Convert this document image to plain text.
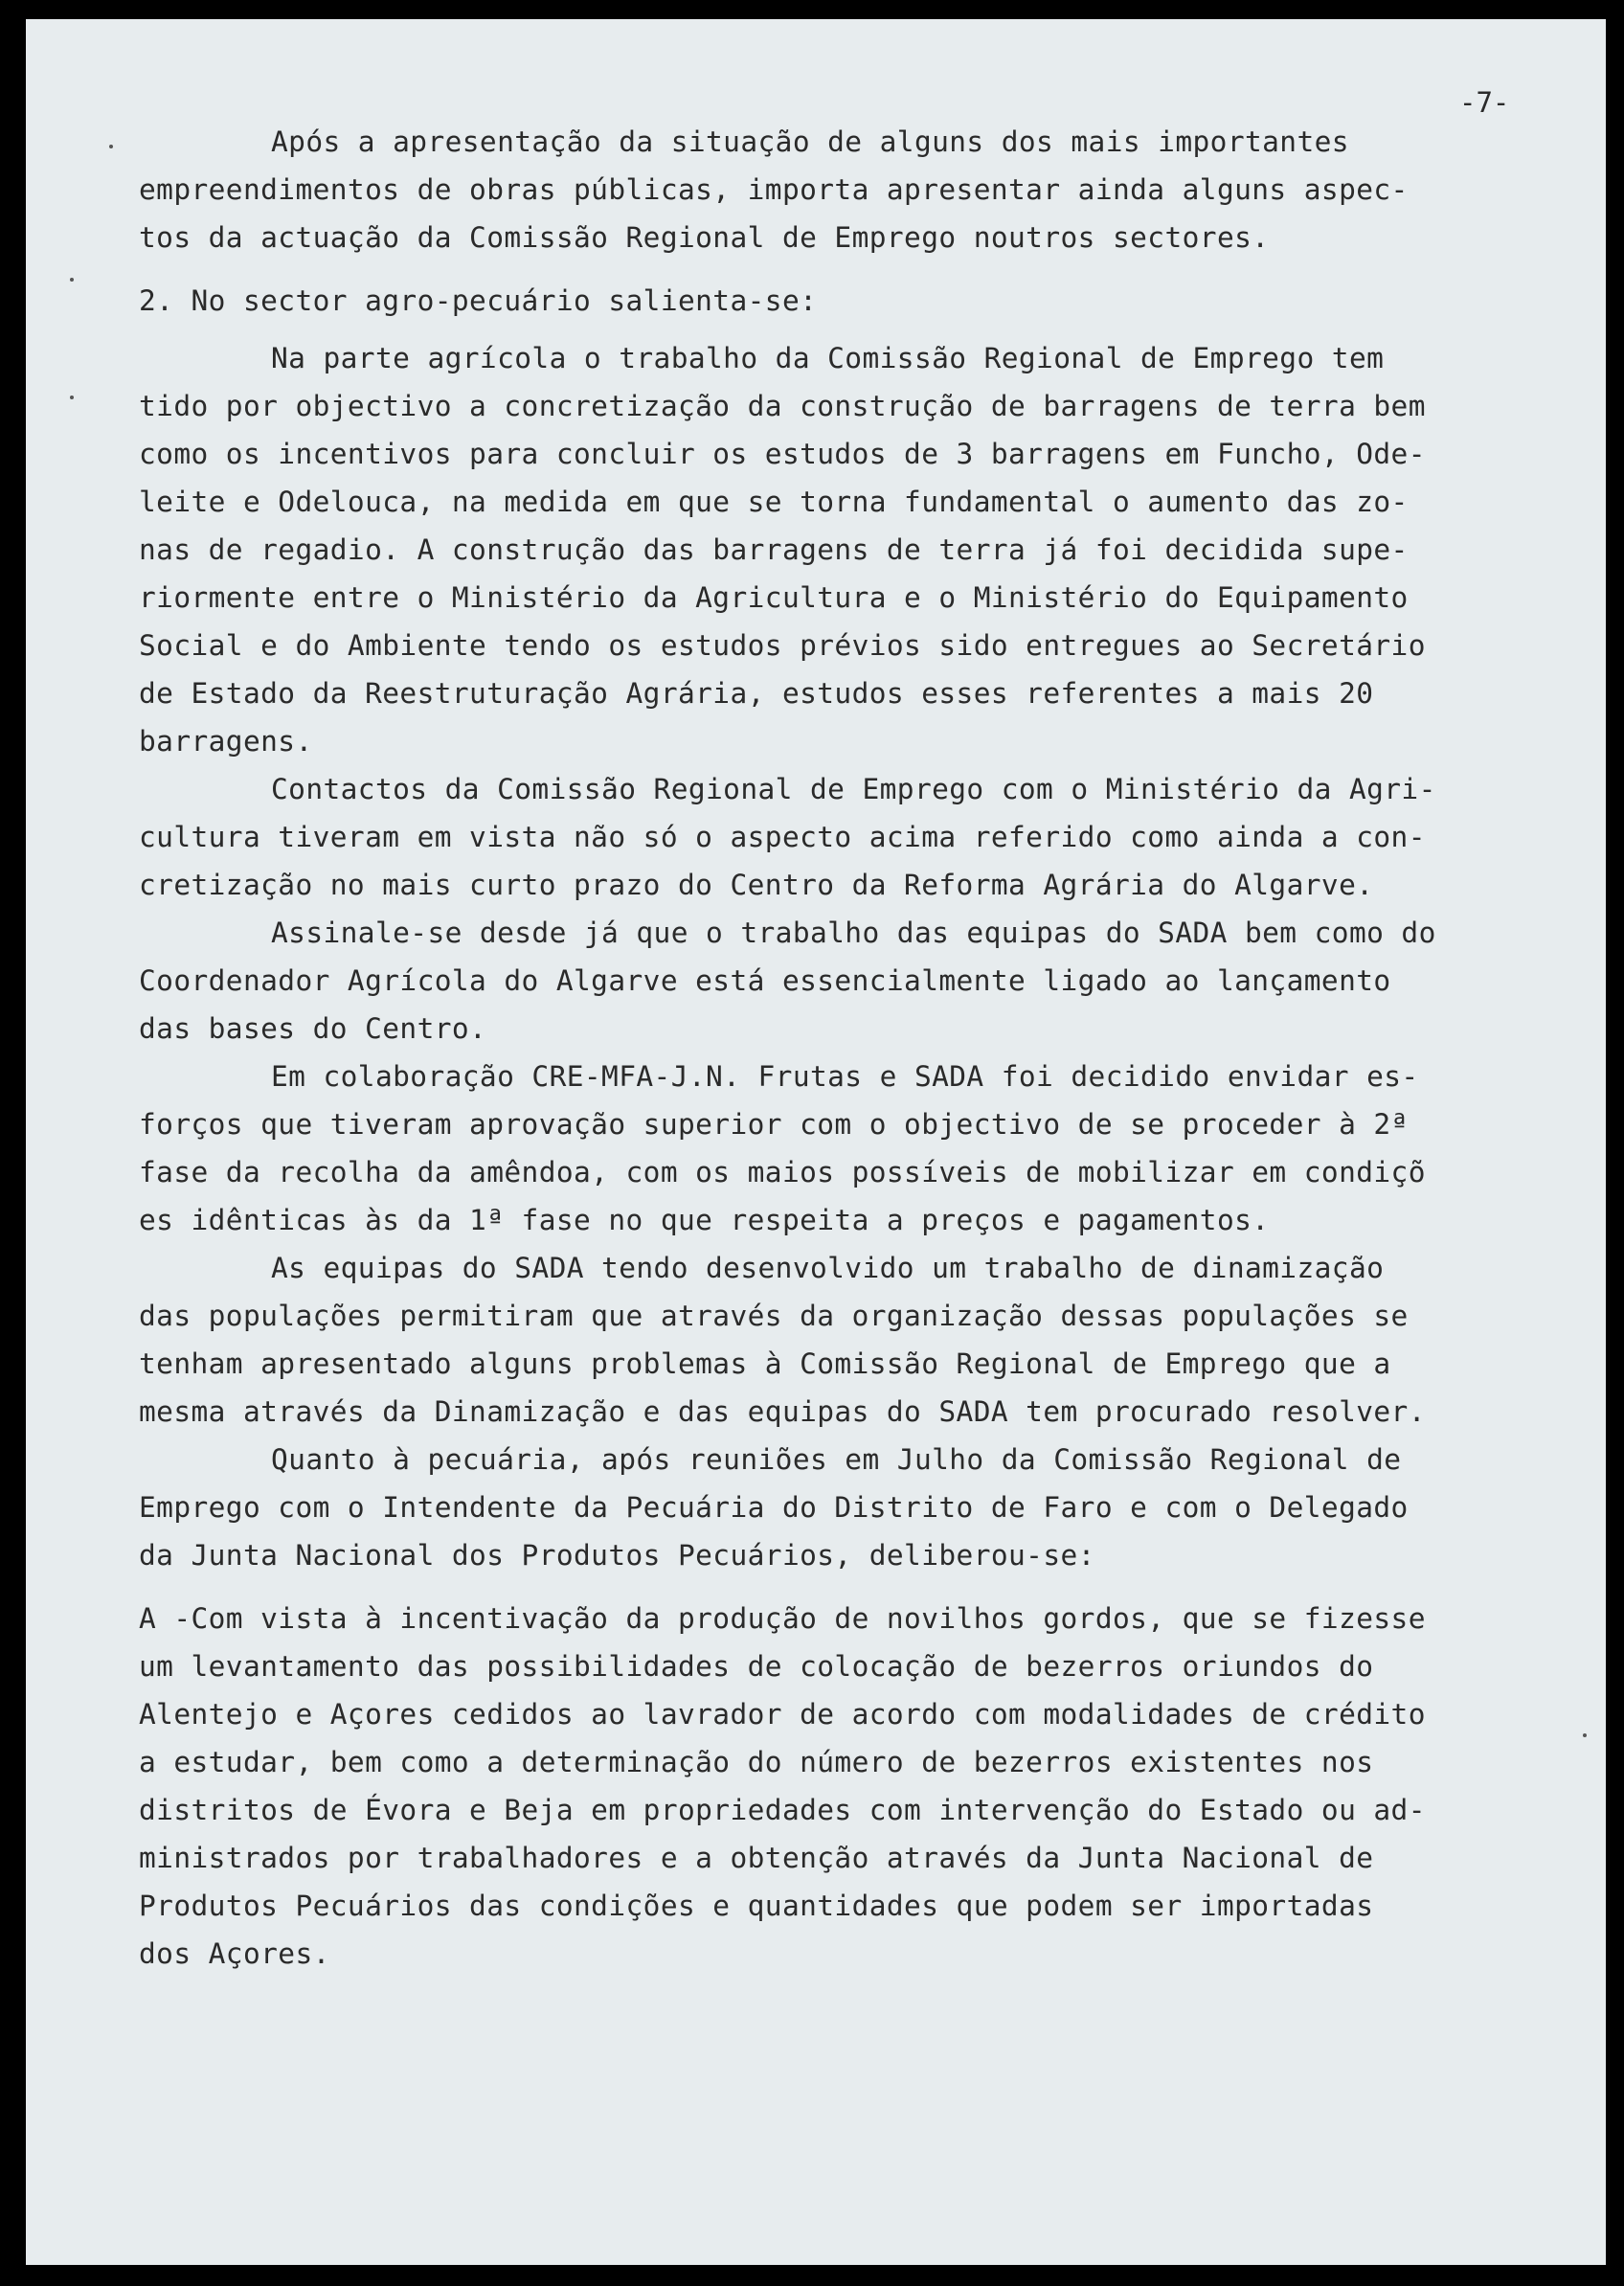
-7-
Após a apresentação da situação de alguns dos mais importantes
empreendimentos de obras públicas, importa apresentar ainda alguns aspec-
tos da actuação da Comissão Regional de Emprego noutros sectores.
2. No sector agro-pecuário salienta-se:
Na parte agrícola o trabalho da Comissão Regional de Emprego tem
tido por objectivo a concretização da construção de barragens de terra bem
como os incentivos para concluir os estudos de 3 barragens em Funcho, Ode-
leite e Odelouca, na medida em que se torna fundamental o aumento das zo-
nas de regadio. A construção das barragens de terra já foi decidida supe-
riormente entre o Ministério da Agricultura e o Ministério do Equipamento
Social e do Ambiente tendo os estudos prévios sido entregues ao Secretário
de Estado da Reestruturação Agrária, estudos esses referentes a mais 20
barragens.
Contactos da Comissão Regional de Emprego com o Ministério da Agri-
cultura tiveram em vista não só o aspecto acima referido como ainda a con-
cretização no mais curto prazo do Centro da Reforma Agrária do Algarve.
Assinale-se desde já que o trabalho das equipas do SADA bem como do
Coordenador Agrícola do Algarve está essencialmente ligado ao lançamento
das bases do Centro.
Em colaboração CRE-MFA-J.N. Frutas e SADA foi decidido envidar es-
forços que tiveram aprovação superior com o objectivo de se proceder à 2ª
fase da recolha da amêndoa, com os maios possíveis de mobilizar em condiçõ
es idênticas às da 1ª fase no que respeita a preços e pagamentos.
As equipas do SADA tendo desenvolvido um trabalho de dinamização
das populações permitiram que através da organização dessas populações se
tenham apresentado alguns problemas à Comissão Regional de Emprego que a
mesma através da Dinamização e das equipas do SADA tem procurado resolver.
Quanto à pecuária, após reuniões em Julho da Comissão Regional de
Emprego com o Intendente da Pecuária do Distrito de Faro e com o Delegado
da Junta Nacional dos Produtos Pecuários, deliberou-se:
A -Com vista à incentivação da produção de novilhos gordos, que se fizesse
um levantamento das possibilidades de colocação de bezerros oriundos do
Alentejo e Açores cedidos ao lavrador de acordo com modalidades de crédito
a estudar, bem como a determinação do número de bezerros existentes nos
distritos de Évora e Beja em propriedades com intervenção do Estado ou ad-
ministrados por trabalhadores e a obtenção através da Junta Nacional de
Produtos Pecuários das condições e quantidades que podem ser importadas
dos Açores.
